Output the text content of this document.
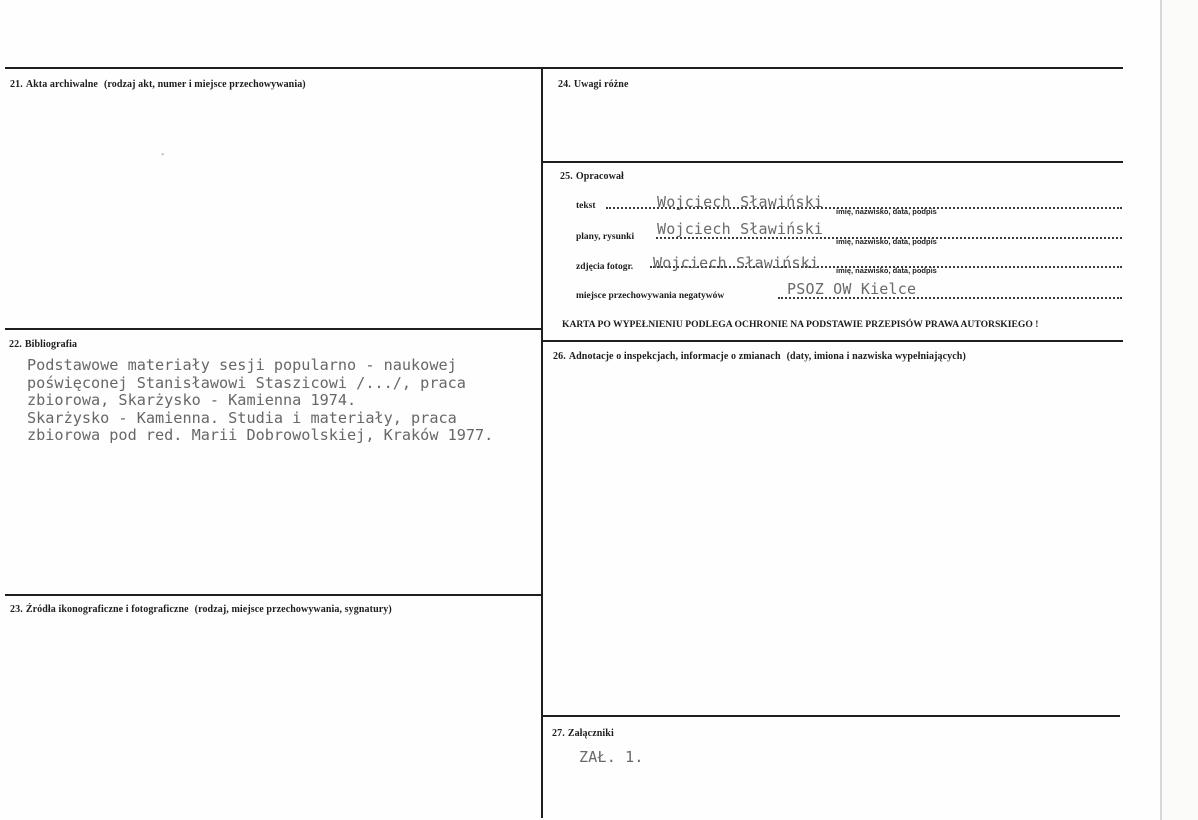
21. Akta archiwalne (rodzaj akt, numer i miejsce przechowywania)
ﾞ
22. Bibliografia
Podstawowe materiały sesji popularno - naukowej
poświęconej Stanisławowi Staszicowi /.../, praca
zbiorowa, Skarżysko - Kamienna 1974.
Skarżysko - Kamienna. Studia i materiały, praca
zbiorowa pod red. Marii Dobrowolskiej, Kraków 1977.
23. Źródła ikonograficzne i fotograficzne (rodzaj, miejsce przechowywania, sygnatury)
24. Uwagi różne
25. Opracował
tekst	Wojciech Sławiński
imię, nazwisko, data, podpis
plany, rysunki Wojciech Sławiński
imię, nazwisko, data, podpis
zdjęcia fotogr. Wojciech Sławiński imię, nazwisko, data, podpis
miejsce przechowywania negatywów	PSOZ OW Kielce
KARTA PO WYPEŁNIENIU PODLEGA OCHRONIE NA PODSTAWIE PRZEPISÓW PRAWA AUTORSKIEGO !
26. Adnotacje o inspekcjach, informacje o zmianach (daty, imiona i nazwiska wypełniających)
27. Załączniki
ZAŁ. 1.
